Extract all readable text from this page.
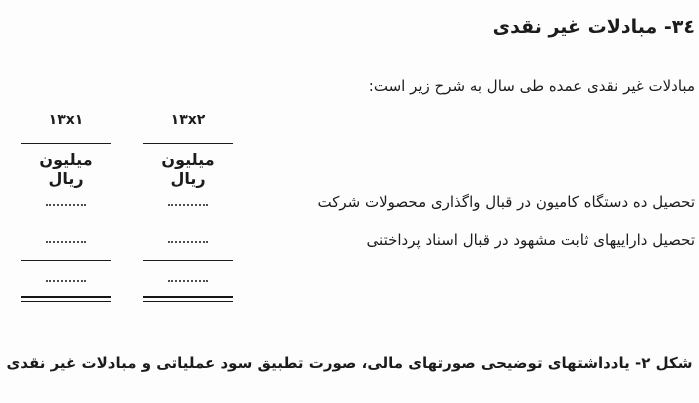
٣٤- مبادلات غیر نقدی

مبادلات غیر نقدی عمده طی سال به شرح زیر است:

تحصیل ده دستگاه کامیون در قبال واگذاری محصولات شرکت
تحصیل داراییهای ثابت مشهود در قبال اسناد پرداختنی
١٣x٢
میلیون ریال
١٣x١
میلیون ریال
شکل ٢- یادداشتهای توضیحی صورتهای مالی، صورت تطبیق سود عملیاتی و مبادلات غیر نقدی
